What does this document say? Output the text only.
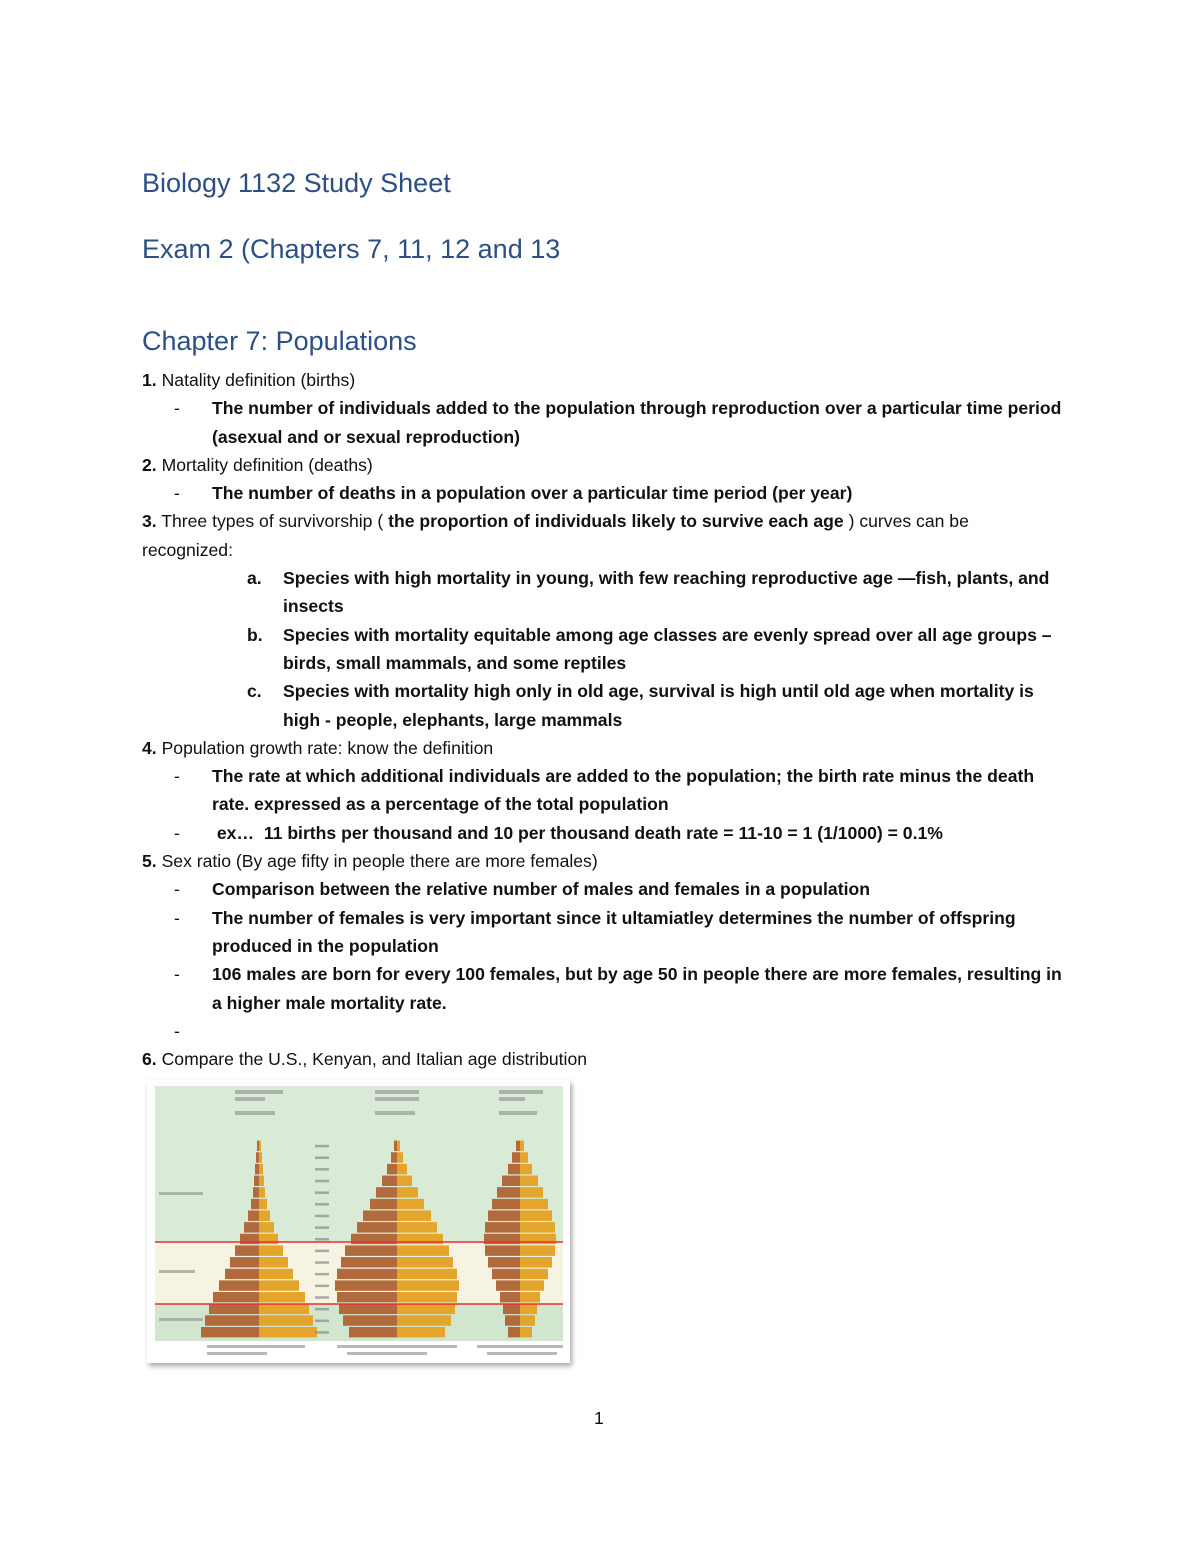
Biology 1132 Study Sheet
Exam 2 (Chapters 7, 11, 12 and 13
Chapter 7: Populations

1. Natality definition (births)

- The number of individuals added to the population through reproduction over a particular time period (asexual and or sexual reproduction)

2. Mortality definition (deaths)

- The number of deaths in a population over a particular time period (per year)

3. Three types of survivorship ( the proportion of individuals likely to survive each age ) curves can be recognized:

a. Species with high mortality in young, with few reaching reproductive age —fish, plants, and insects
b. Species with mortality equitable among age classes are evenly spread over all age groups – birds, small mammals, and some reptiles
c. Species with mortality high only in old age, survival is high until old age when mortality is high - people, elephants, large mammals

4. Population growth rate: know the definition

- The rate at which additional individuals are added to the population; the birth rate minus the death rate. expressed as a percentage of the total population
- ex…  11 births per thousand and 10 per thousand death rate = 11-10 = 1 (1/1000) = 0.1%

5. Sex ratio (By age fifty in people there are more females)

- Comparison between the relative number of males and females in a population
- The number of females is very important since it ultamiatley determines the number of offspring produced in the population
- 106 males are born for every 100 females, but by age 50 in people there are more females, resulting in a higher male mortality rate.
-

6. Compare the U.S., Kenyan, and Italian age distribution

1
